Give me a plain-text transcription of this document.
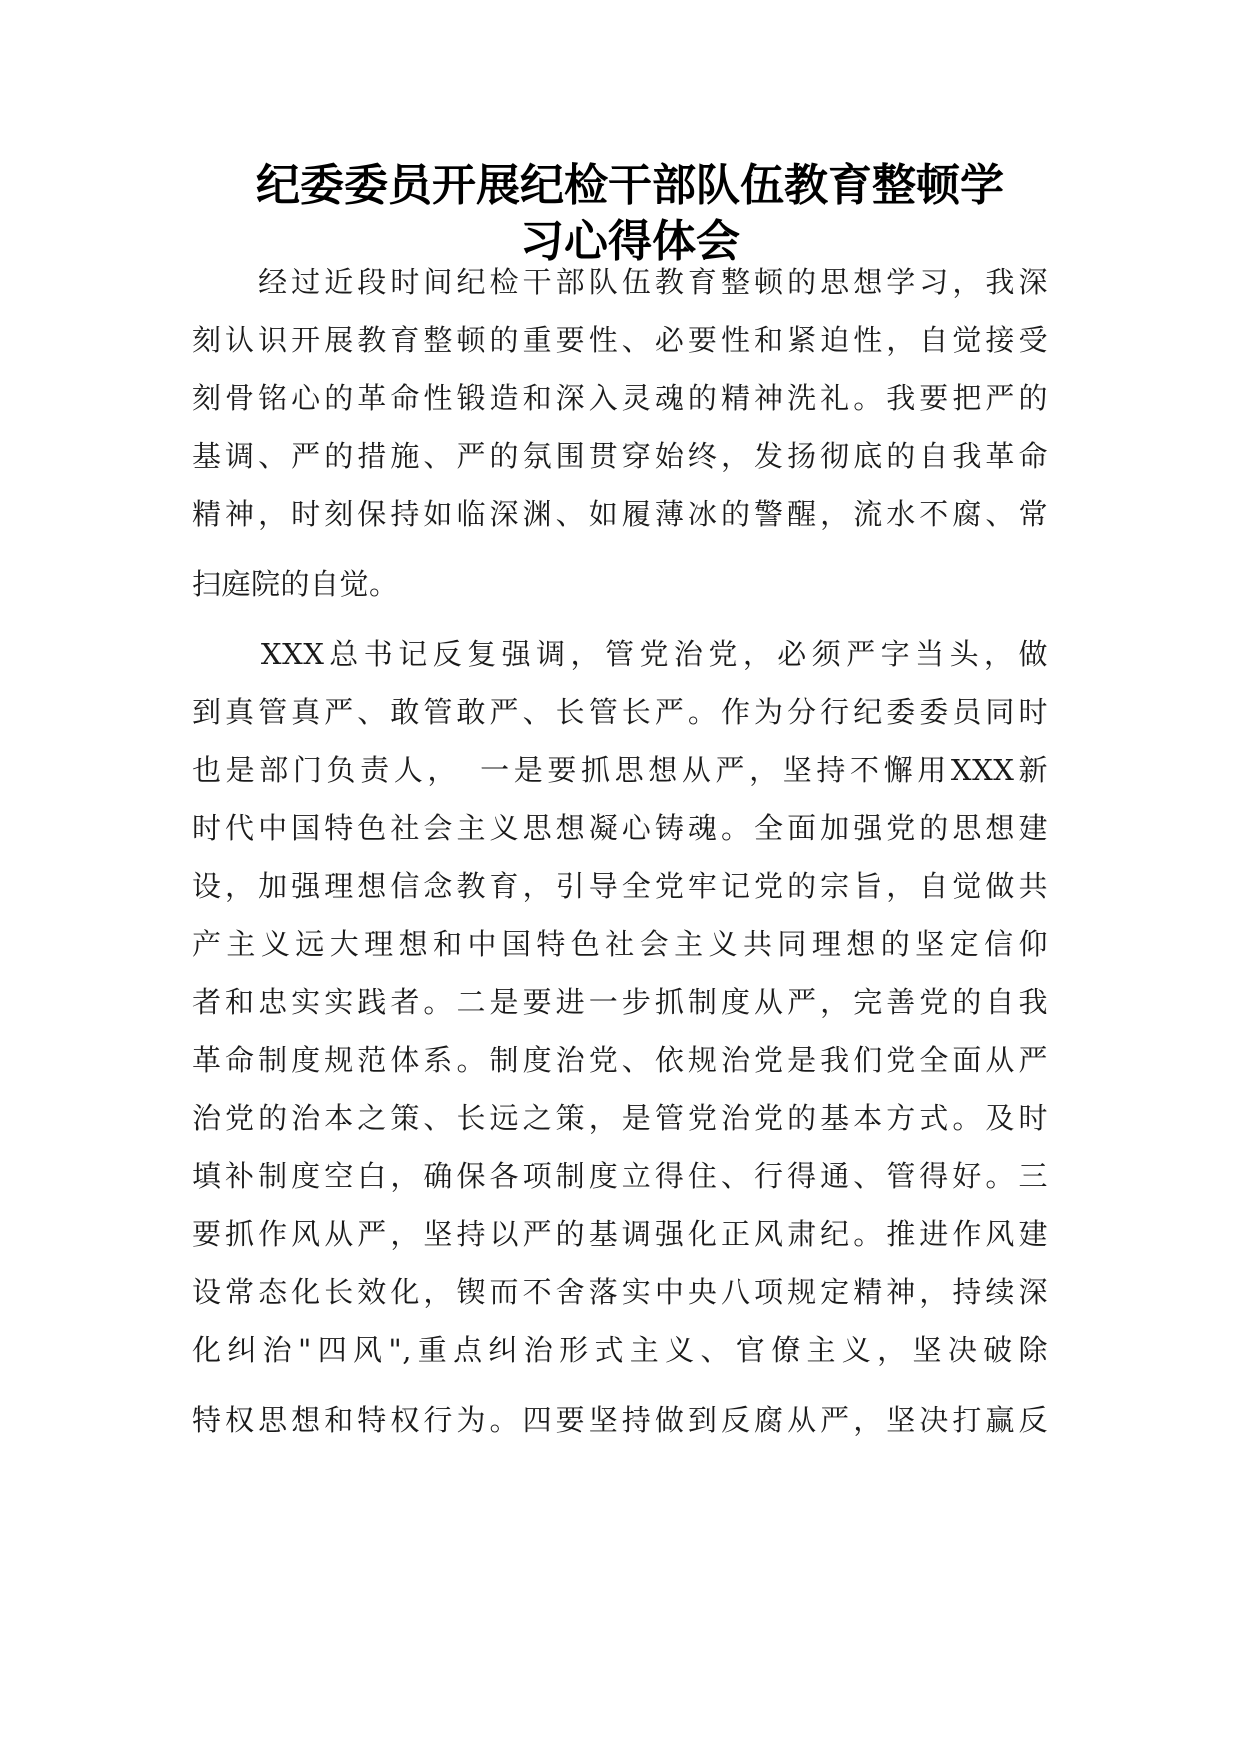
纪委委员开展纪检干部队伍教育整顿学
习心得体会
　　经过近段时间纪检干部队伍教育整顿的思想学习，我深
刻认识开展教育整顿的重要性、必要性和紧迫性，自觉接受
刻骨铭心的革命性锻造和深入灵魂的精神洗礼。我要把严的
基调、严的措施、严的氛围贯穿始终，发扬彻底的自我革命
精神，时刻保持如临深渊、如履薄冰的警醒，流水不腐、常
扫庭院的自觉。
　　XXX总书记反复强调，管党治党，必须严字当头，做
到真管真严、敢管敢严、长管长严。作为分行纪委委员同时
也是部门负责人，　一是要抓思想从严，坚持不懈用XXX新
时代中国特色社会主义思想凝心铸魂。全面加强党的思想建
设，加强理想信念教育，引导全党牢记党的宗旨，自觉做共
产主义远大理想和中国特色社会主义共同理想的坚定信仰
者和忠实实践者。二是要进一步抓制度从严，完善党的自我
革命制度规范体系。制度治党、依规治党是我们党全面从严
治党的治本之策、长远之策，是管党治党的基本方式。及时
填补制度空白，确保各项制度立得住、行得通、管得好。三
要抓作风从严，坚持以严的基调强化正风肃纪。推进作风建
设常态化长效化，锲而不舍落实中央八项规定精神，持续深
化纠治"四风",重点纠治形式主义、官僚主义，坚决破除
特权思想和特权行为。四要坚持做到反腐从严，坚决打赢反
